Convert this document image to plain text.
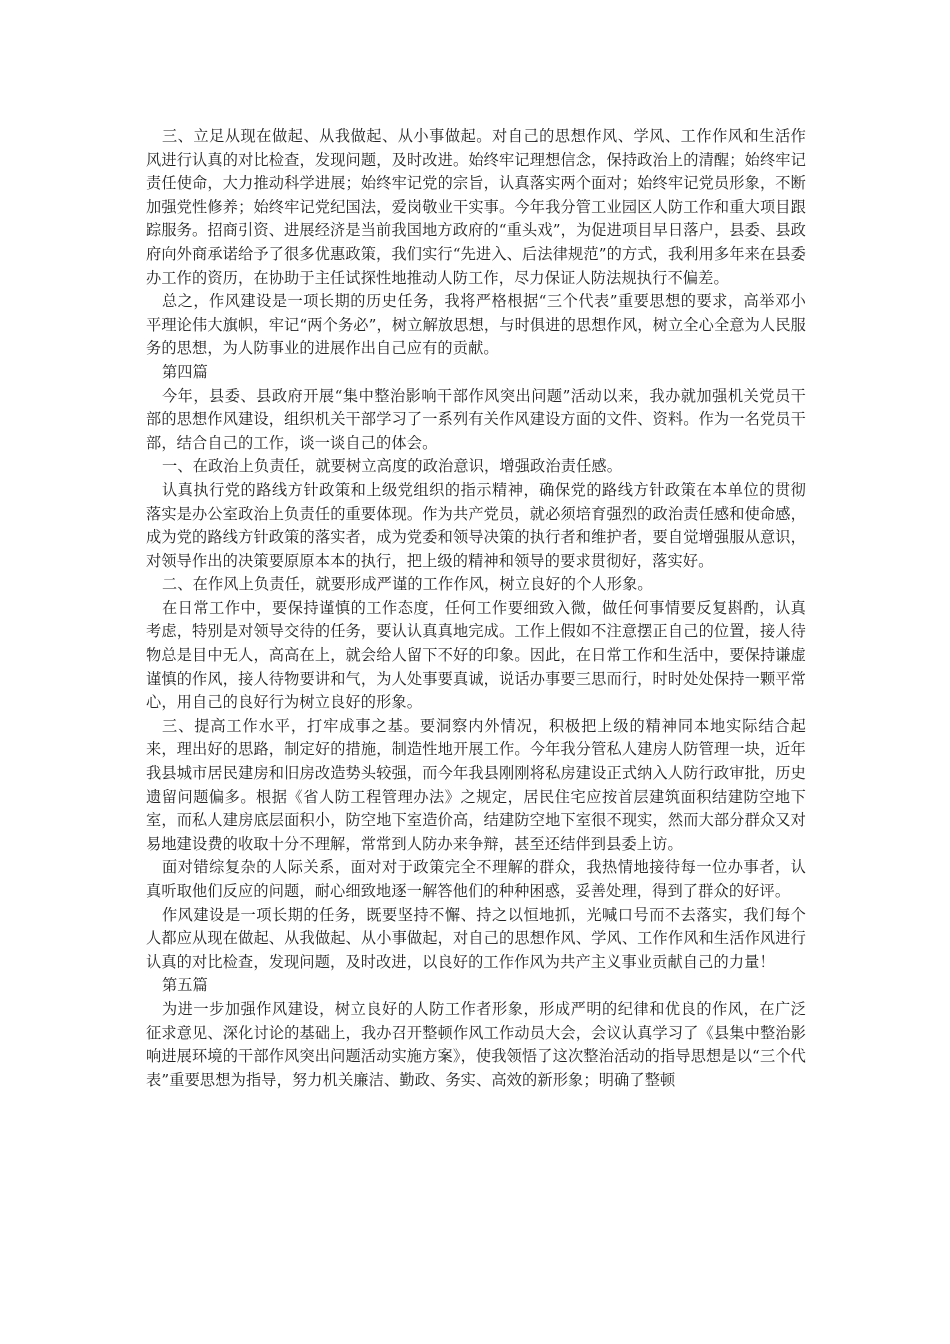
三、立足从现在做起、从我做起、从小事做起。对自己的思想作风、学风、工作作风和生活作风进行认真的对比检查，发现问题，及时改进。始终牢记理想信念，保持政治上的清醒；始终牢记责任使命，大力推动科学进展；始终牢记党的宗旨，认真落实两个面对；始终牢记党员形象，不断加强党性修养；始终牢记党纪国法，爱岗敬业干实事。今年我分管工业园区人防工作和重大项目跟踪服务。招商引资、进展经济是当前我国地方政府的“重头戏”，为促进项目早日落户，县委、县政府向外商承诺给予了很多优惠政策，我们实行“先进入、后法律规范”的方式，我利用多年来在县委办工作的资历，在协助于主任试探性地推动人防工作，尽力保证人防法规执行不偏差。

总之，作风建设是一项长期的历史任务，我将严格根据“三个代表”重要思想的要求，高举邓小平理论伟大旗帜，牢记“两个务必”，树立解放思想，与时俱进的思想作风，树立全心全意为人民服务的思想，为人防事业的进展作出自己应有的贡献。

第四篇

今年，县委、县政府开展“集中整治影响干部作风突出问题”活动以来，我办就加强机关党员干部的思想作风建设，组织机关干部学习了一系列有关作风建设方面的文件、资料。作为一名党员干部，结合自己的工作，谈一谈自己的体会。

一、在政治上负责任，就要树立高度的政治意识，增强政治责任感。

认真执行党的路线方针政策和上级党组织的指示精神，确保党的路线方针政策在本单位的贯彻落实是办公室政治上负责任的重要体现。作为共产党员，就必须培育强烈的政治责任感和使命感，成为党的路线方针政策的落实者，成为党委和领导决策的执行者和维护者，要自觉增强服从意识，对领导作出的决策要原原本本的执行，把上级的精神和领导的要求贯彻好，落实好。

二、在作风上负责任，就要形成严谨的工作作风，树立良好的个人形象。

在日常工作中，要保持谨慎的工作态度，任何工作要细致入微，做任何事情要反复斟酌，认真考虑，特别是对领导交待的任务，要认认真真地完成。工作上假如不注意摆正自己的位置，接人待物总是目中无人，高高在上，就会给人留下不好的印象。因此，在日常工作和生活中，要保持谦虚谨慎的作风，接人待物要讲和气，为人处事要真诚，说话办事要三思而行，时时处处保持一颗平常心，用自己的良好行为树立良好的形象。

三、提高工作水平，打牢成事之基。要洞察内外情况，积极把上级的精神同本地实际结合起来，理出好的思路，制定好的措施，制造性地开展工作。今年我分管私人建房人防管理一块，近年我县城市居民建房和旧房改造势头较强，而今年我县刚刚将私房建设正式纳入人防行政审批，历史遗留问题偏多。根据《省人防工程管理办法》之规定，居民住宅应按首层建筑面积结建防空地下室，而私人建房底层面积小，防空地下室造价高，结建防空地下室很不现实，然而大部分群众又对易地建设费的收取十分不理解，常常到人防办来争辩，甚至还结伴到县委上访。

面对错综复杂的人际关系，面对对于政策完全不理解的群众，我热情地接待每一位办事者，认真听取他们反应的问题，耐心细致地逐一解答他们的种种困惑，妥善处理，得到了群众的好评。

作风建设是一项长期的任务，既要坚持不懈、持之以恒地抓，光喊口号而不去落实，我们每个人都应从现在做起、从我做起、从小事做起，对自己的思想作风、学风、工作作风和生活作风进行认真的对比检查，发现问题，及时改进，以良好的工作作风为共产主义事业贡献自己的力量！

第五篇

为进一步加强作风建设，树立良好的人防工作者形象，形成严明的纪律和优良的作风，在广泛征求意见、深化讨论的基础上，我办召开整顿作风工作动员大会，会议认真学习了《县集中整治影响进展环境的干部作风突出问题活动实施方案》，使我领悟了这次整治活动的指导思想是以“三个代表”重要思想为指导，努力机关廉洁、勤政、务实、高效的新形象；明确了整顿
